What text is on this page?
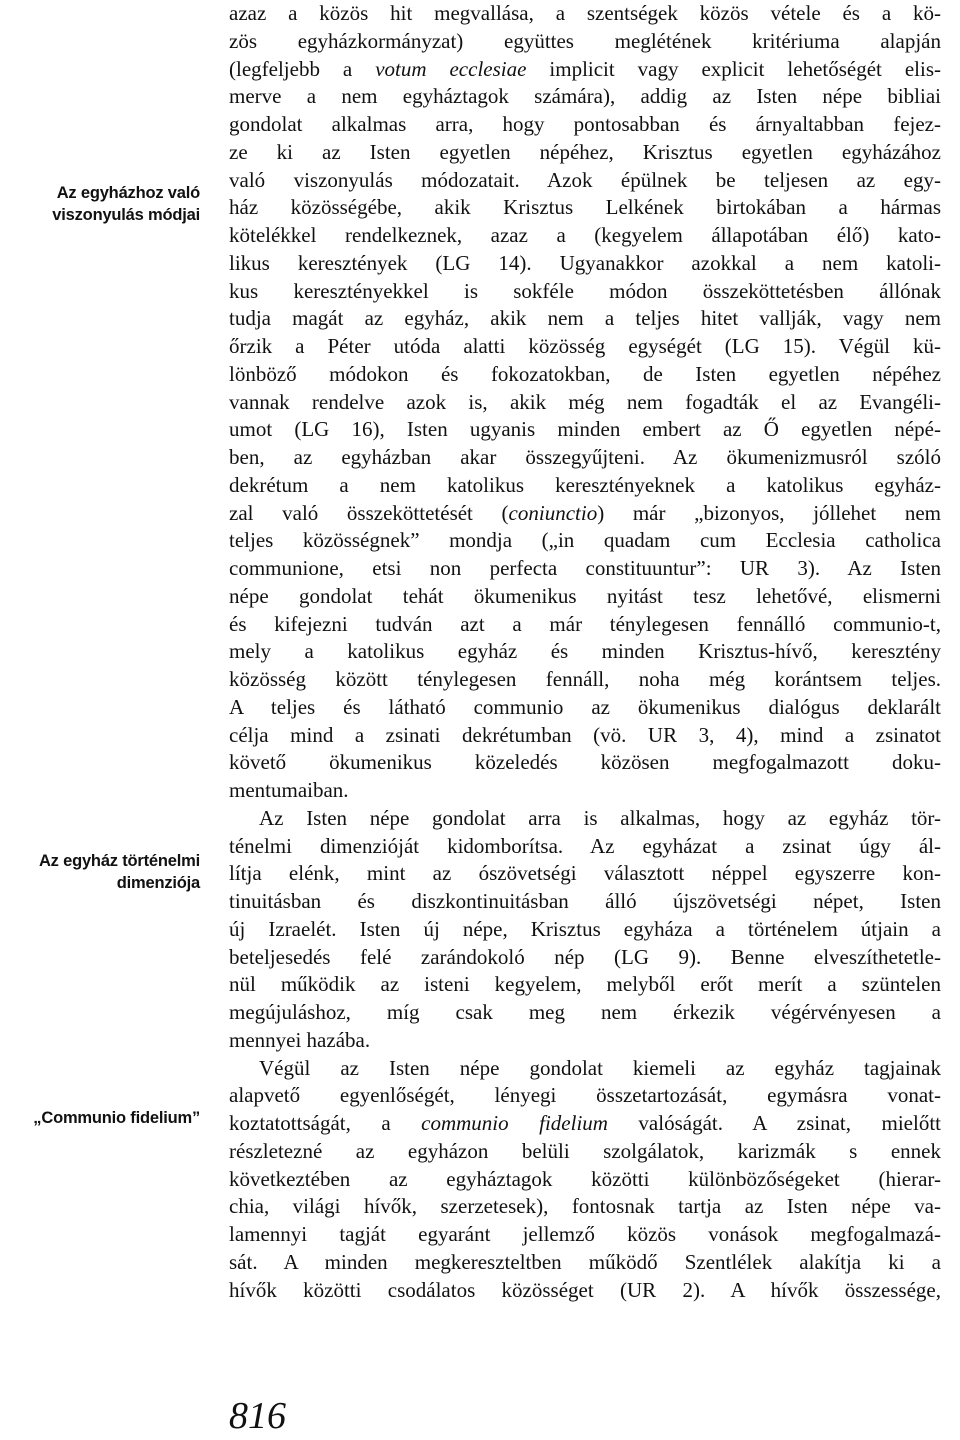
Az egyházhoz való viszonyulás módjai
Az egyház történelmi dimenziója
„Communio fidelium”
azaz a közös hit megvallása, a szentségek közös vétele és a kö-
zös egyházkormányzat) együttes meglétének kritériuma alapján
(legfeljebb a votum ecclesiae implicit vagy explicit lehetőségét elis-
merve a nem egyháztagok számára), addig az Isten népe bibliai
gondolat alkalmas arra, hogy pontosabban és árnyaltabban fejez-
ze ki az Isten egyetlen népéhez, Krisztus egyetlen egyházához
való viszonyulás módozatait. Azok épülnek be teljesen az egy-
ház közösségébe, akik Krisztus Lelkének birtokában a hármas
kötelékkel rendelkeznek, azaz a (kegyelem állapotában élő) kato-
likus keresztények (LG 14). Ugyanakkor azokkal a nem katoli-
kus keresztényekkel is sokféle módon összeköttetésben állónak
tudja magát az egyház, akik nem a teljes hitet vallják, vagy nem
őrzik a Péter utóda alatti közösség egységét (LG 15). Végül kü-
lönböző módokon és fokozatokban, de Isten egyetlen népéhez
vannak rendelve azok is, akik még nem fogadták el az Evangéli-
umot (LG 16), Isten ugyanis minden embert az Ő egyetlen népé-
ben, az egyházban akar összegyűjteni. Az ökumenizmusról szóló
dekrétum a nem katolikus keresztényeknek a katolikus egyház-
zal való összeköttetését (coniunctio) már „bizonyos, jóllehet nem
teljes közösségnek” mondja („in quadam cum Ecclesia catholica
communione, etsi non perfecta constituuntur”: UR 3). Az Isten
népe gondolat tehát ökumenikus nyitást tesz lehetővé, elismerni
és kifejezni tudván azt a már ténylegesen fennálló communio-t,
mely a katolikus egyház és minden Krisztus-hívő, keresztény
közösség között ténylegesen fennáll, noha még korántsem teljes.
A teljes és látható communio az ökumenikus dialógus deklarált
célja mind a zsinati dekrétumban (vö. UR 3, 4), mind a zsinatot
követő ökumenikus közeledés közösen megfogalmazott doku-
mentumaiban.
Az Isten népe gondolat arra is alkalmas, hogy az egyház tör-
ténelmi dimenzióját kidomborítsa. Az egyházat a zsinat úgy ál-
lítja elénk, mint az ószövetségi választott néppel egyszerre kon-
tinuitásban és diszkontinuitásban álló újszövetségi népet, Isten
új Izraelét. Isten új népe, Krisztus egyháza a történelem útjain a
beteljesedés felé zarándokoló nép (LG 9). Benne elveszíthetetle-
nül működik az isteni kegyelem, melyből erőt merít a szüntelen
megújuláshoz, míg csak meg nem érkezik végérvényesen a
mennyei hazába.
Végül az Isten népe gondolat kiemeli az egyház tagjainak
alapvető egyenlőségét, lényegi összetartozását, egymásra vonat-
koztatottságát, a communio fidelium valóságát. A zsinat, mielőtt
részletezné az egyházon belüli szolgálatok, karizmák s ennek
következtében az egyháztagok közötti különbözőségeket (hierar-
chia, világi hívők, szerzetesek), fontosnak tartja az Isten népe va-
lamennyi tagját egyaránt jellemző közös vonások megfogalmazá-
sát. A minden megkereszteltben működő Szentlélek alakítja ki a
hívők közötti csodálatos közösséget (UR 2). A hívők összessége,
816
